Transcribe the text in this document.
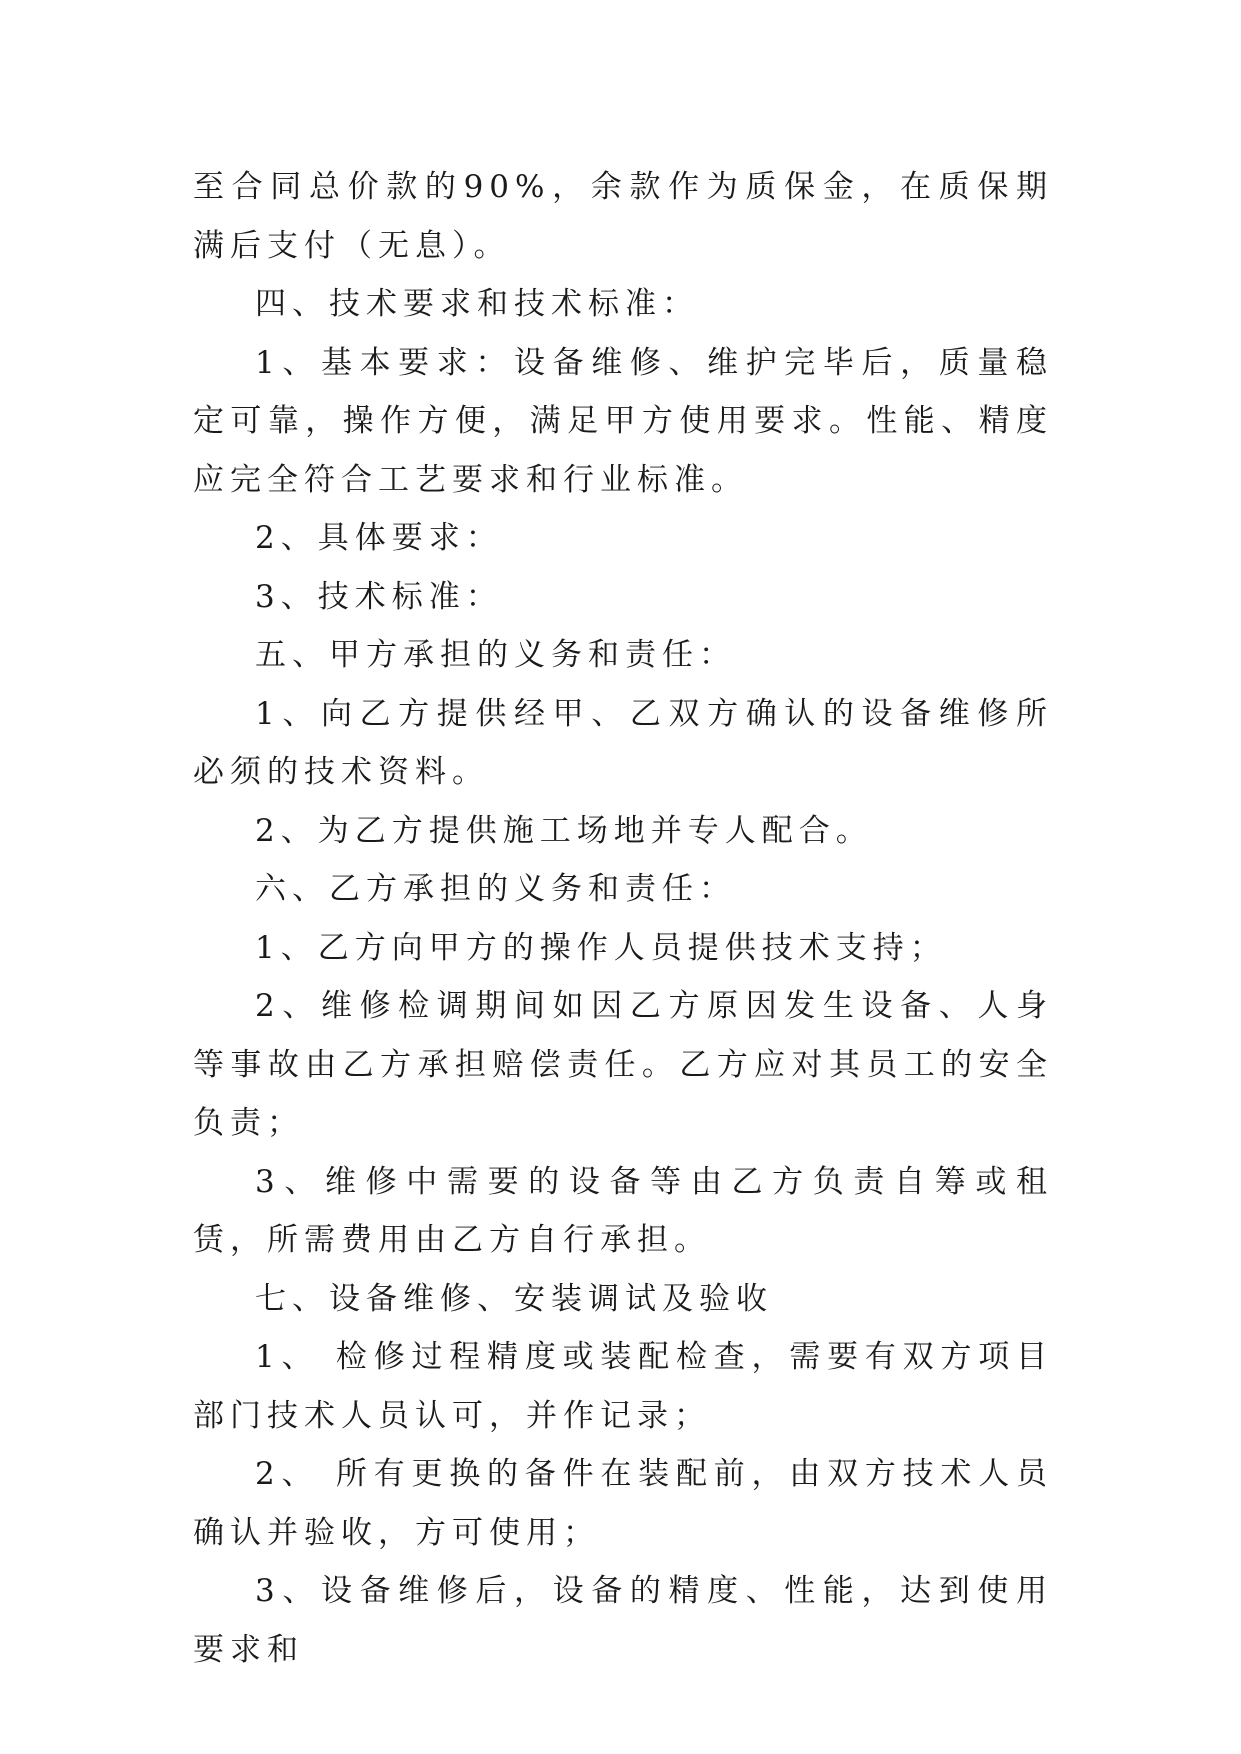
至合同总价款的90%，余款作为质保金，在质保期满后支付（无息）。

四、技术要求和技术标准：

1、基本要求：设备维修、维护完毕后，质量稳定可靠，操作方便，满足甲方使用要求。性能、精度应完全符合工艺要求和行业标准。

2、具体要求：

3、技术标准：

五、甲方承担的义务和责任：

1、向乙方提供经甲、乙双方确认的设备维修所必须的技术资料。

2、为乙方提供施工场地并专人配合。

六、乙方承担的义务和责任：

1、乙方向甲方的操作人员提供技术支持；

2、维修检调期间如因乙方原因发生设备、人身等事故由乙方承担赔偿责任。乙方应对其员工的安全负责；

3、维修中需要的设备等由乙方负责自筹或租赁，所需费用由乙方自行承担。

七、设备维修、安装调试及验收

1、 检修过程精度或装配检查，需要有双方项目部门技术人员认可，并作记录；

2、 所有更换的备件在装配前，由双方技术人员确认并验收，方可使用；

3、设备维修后，设备的精度、性能，达到使用要求和
